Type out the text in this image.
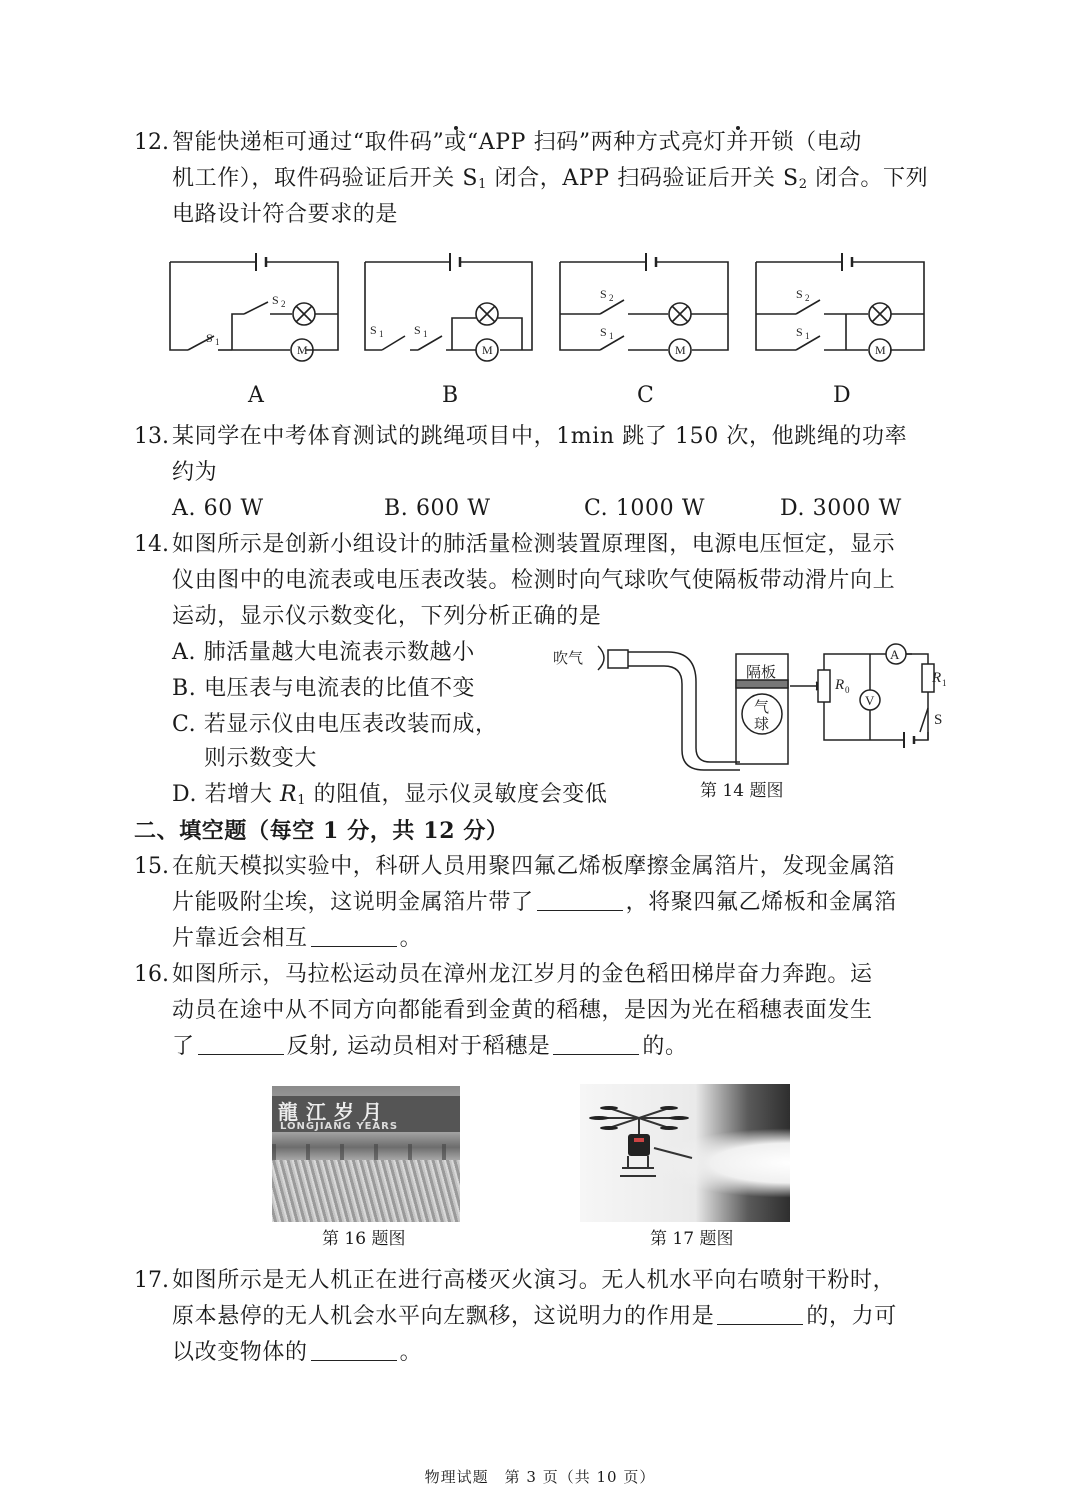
12. 智能快递柜可通过“取件码”或“APP 扫码”两种方式亮灯并开锁（电动
机工作），取件码验证后开关 $S_1$ 闭合，APP 扫码验证后开关 $S_2$ 闭合。下列
电路设计符合要求的是
M	M	M	M
S 2
S 1
S 1	S 1
S 2
S 1
S 2
S 1
A	B	C	D
13. 某同学在中考体育测试的跳绳项目中，1min 跳了 150 次，他跳绳的功率
约为
A. 60 W	B. 600 W	C. 1000 W	D. 3000 W
14. 如图所示是创新小组设计的肺活量检测装置原理图，电源电压恒定，显示
仪由图中的电流表或电压表改装。检测时向气球吹气使隔板带动滑片向上
运动，显示仪示数变化，下列分析正确的是
A. 肺活量越大电流表示数越小
B. 电压表与电流表的比值不变
C. 若显示仪由电压表改装而成，
则示数变大
D. 若增大 $R_1$ 的阻值，显示仪灵敏度会变低
吹气
隔板
气
球
R 0
R 1
A
V
S
第 14 题图
二、填空题（每空 1 分，共 12 分）
15. 在航天模拟实验中，科研人员用聚四氟乙烯板摩擦金属箔片，发现金属箔
片能吸附尘埃，这说明金属箔片带了	，将聚四氟乙烯板和金属箔
片靠近会相互	。
16. 如图所示，马拉松运动员在漳州龙江岁月的金色稻田梯岸奋力奔跑。运
动员在途中从不同方向都能看到金黄的稻穗，是因为光在稻穗表面发生
了	反射, 运动员相对于稻穗是	的。
龍江岁月
LONGJIANG YEARS
第 16 题图	第 17 题图
17. 如图所示是无人机正在进行高楼灭火演习。无人机水平向右喷射干粉时，
原本悬停的无人机会水平向左飘移，这说明力的作用是	的，力可
以改变物体的	。
物理试题　第 3 页（共 10 页）
